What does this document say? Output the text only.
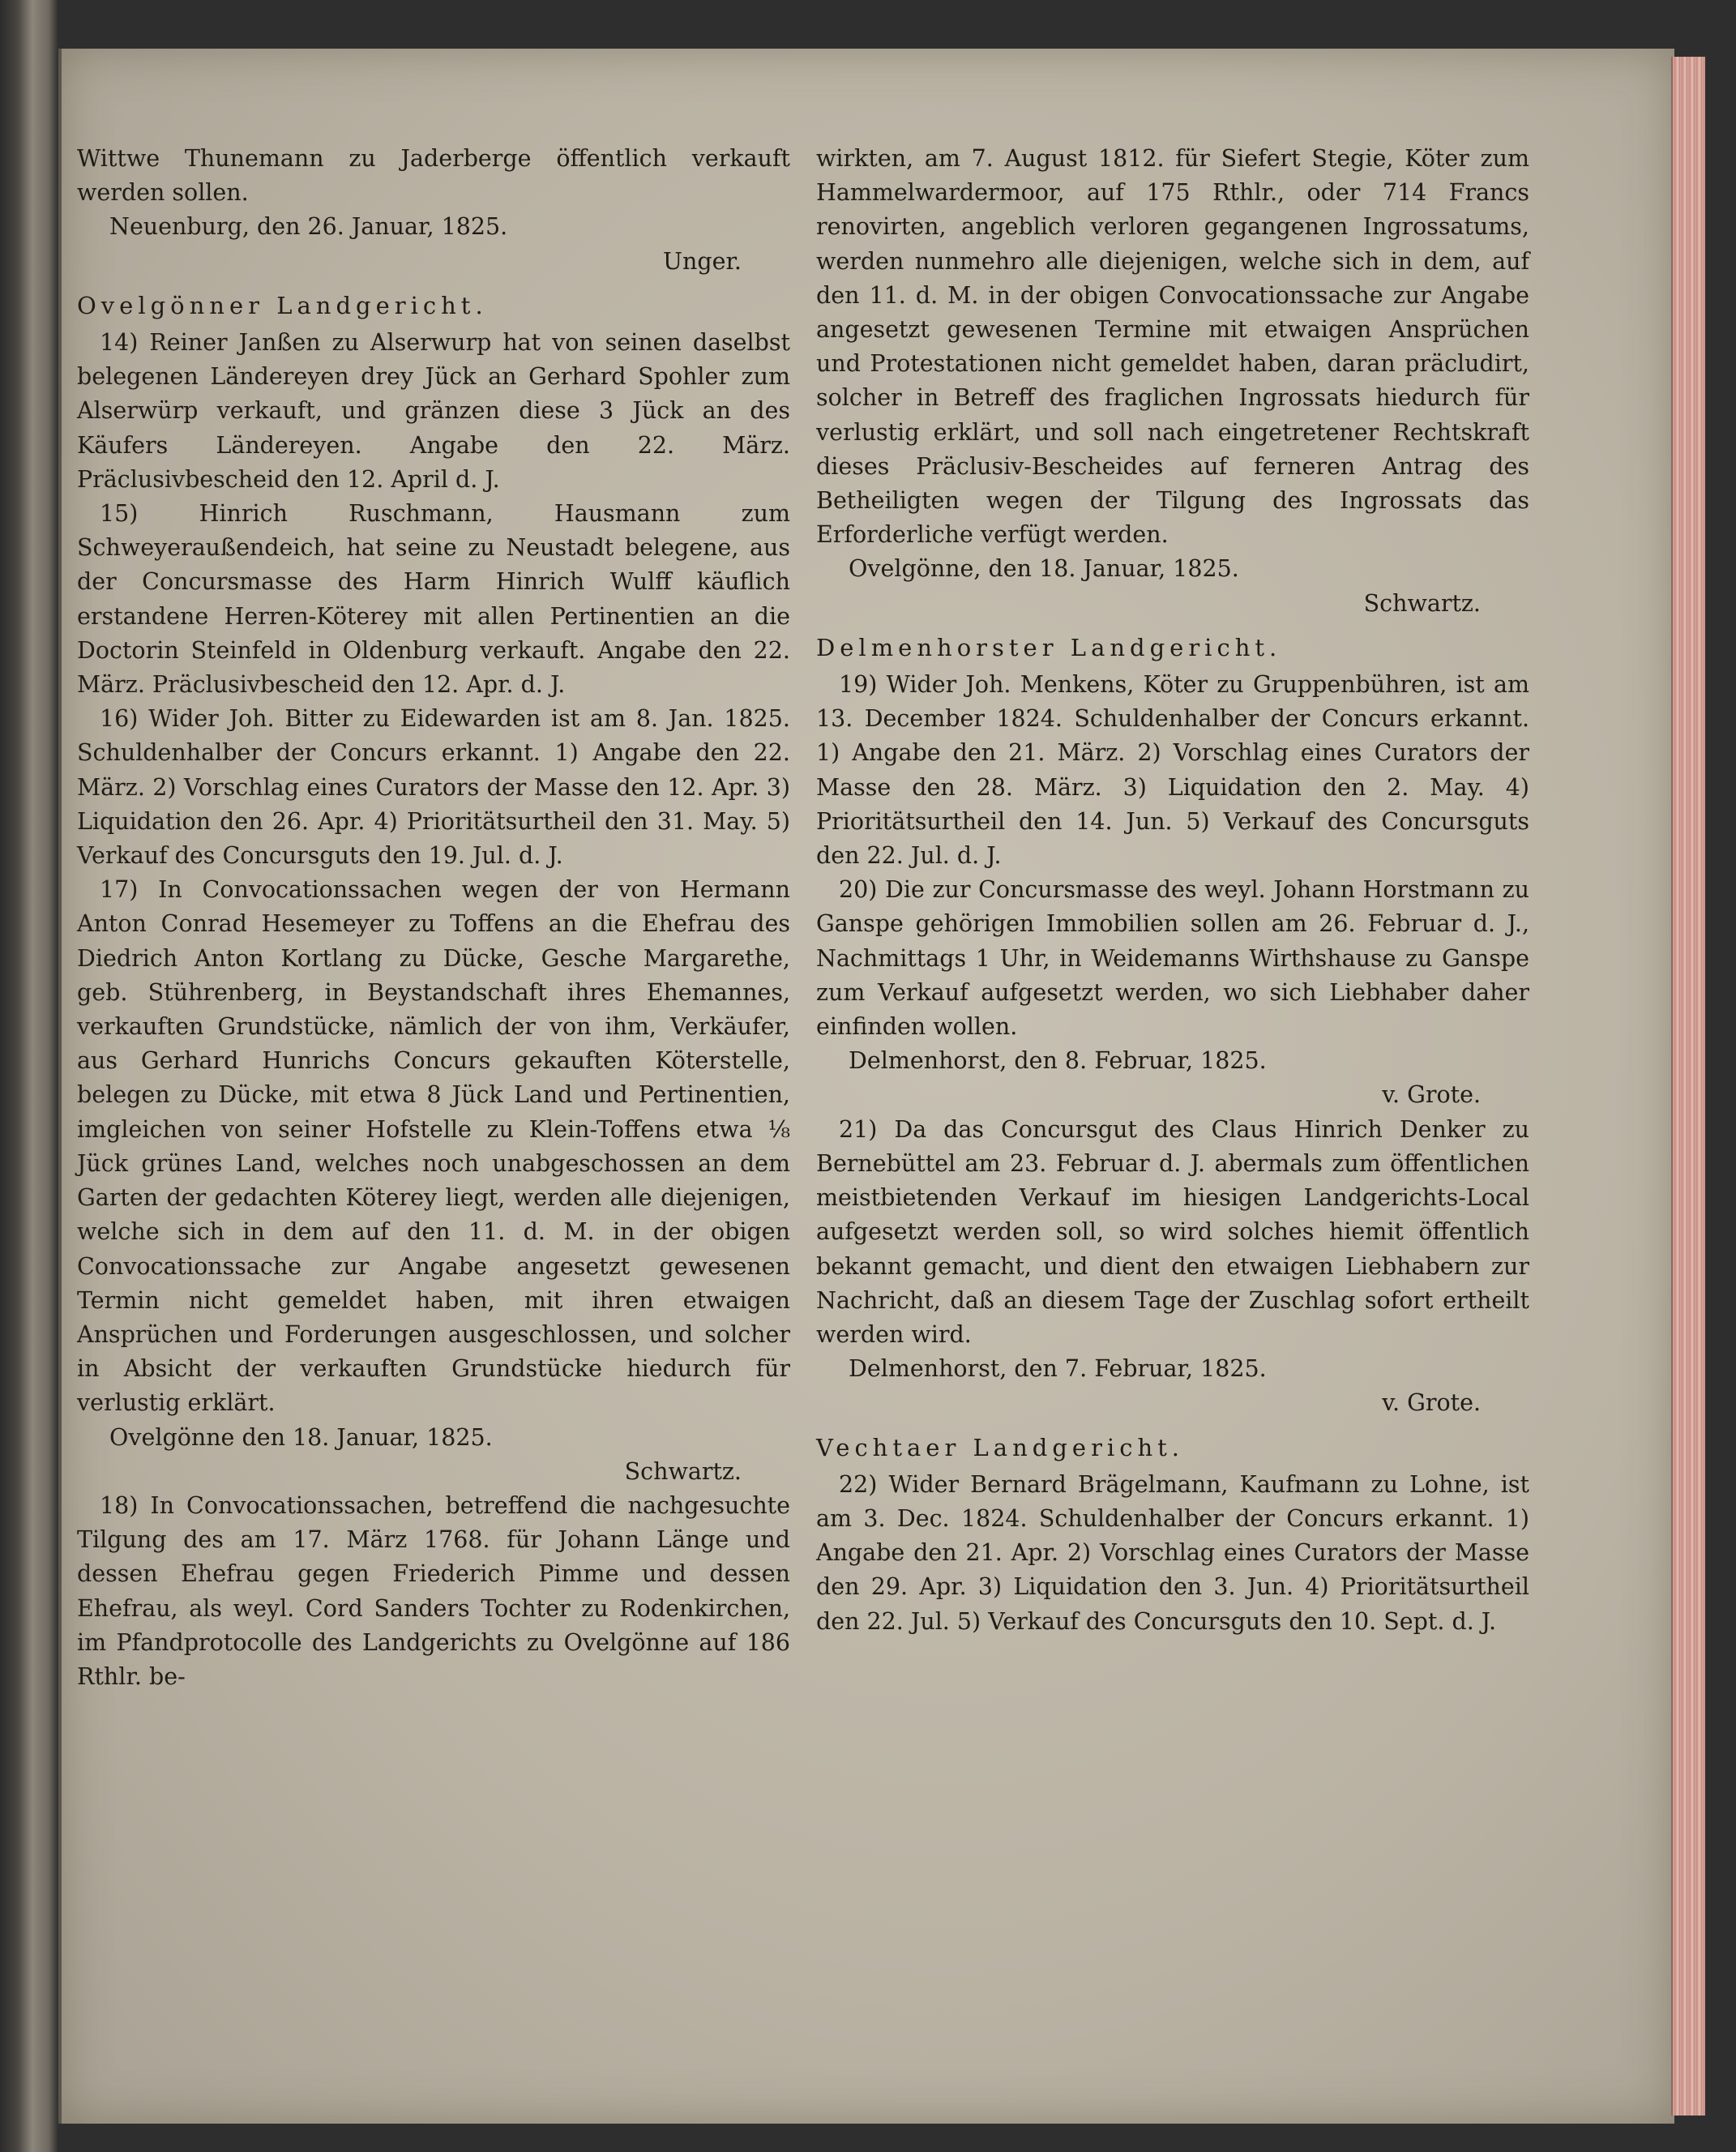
Wittwe Thunemann zu Jaderberge öffentlich verkauft werden sollen.

Neuenburg, den 26. Januar, 1825.

Unger.

Ovelgönner Landgericht.

14) Reiner Janßen zu Alserwurp hat von seinen daselbst belegenen Ländereyen drey Jück an Gerhard Spohler zum Alserwürp verkauft, und gränzen diese 3 Jück an des Käufers Ländereyen. Angabe den 22. März. Präclusivbescheid den 12. April d. J.

15) Hinrich Ruschmann, Hausmann zum Schweyeraußendeich, hat seine zu Neustadt belegene, aus der Concursmasse des Harm Hinrich Wulff käuflich erstandene Herren-Köterey mit allen Pertinentien an die Doctorin Steinfeld in Oldenburg verkauft. Angabe den 22. März. Präclusivbescheid den 12. Apr. d. J.

16) Wider Joh. Bitter zu Eidewarden ist am 8. Jan. 1825. Schuldenhalber der Concurs erkannt. 1) Angabe den 22. März. 2) Vorschlag eines Curators der Masse den 12. Apr. 3) Liquidation den 26. Apr. 4) Prioritätsurtheil den 31. May. 5) Verkauf des Concursguts den 19. Jul. d. J.

17) In Convocationssachen wegen der von Hermann Anton Conrad Hesemeyer zu Toffens an die Ehefrau des Diedrich Anton Kortlang zu Dücke, Gesche Margarethe, geb. Stührenberg, in Beystandschaft ihres Ehemannes, verkauften Grundstücke, nämlich der von ihm, Verkäufer, aus Gerhard Hunrichs Concurs gekauften Köterstelle, belegen zu Dücke, mit etwa 8 Jück Land und Pertinentien, imgleichen von seiner Hofstelle zu Klein-Toffens etwa ⅛ Jück grünes Land, welches noch unabgeschossen an dem Garten der gedachten Köterey liegt, werden alle diejenigen, welche sich in dem auf den 11. d. M. in der obigen Convocationssache zur Angabe angesetzt gewesenen Termin nicht gemeldet haben, mit ihren etwaigen Ansprüchen und Forderungen ausgeschlossen, und solcher in Absicht der verkauften Grundstücke hiedurch für verlustig erklärt.

Ovelgönne den 18. Januar, 1825.

Schwartz.

18) In Convocationssachen, betreffend die nachgesuchte Tilgung des am 17. März 1768. für Johann Länge und dessen Ehefrau gegen Friederich Pimme und dessen Ehefrau, als weyl. Cord Sanders Tochter zu Rodenkirchen, im Pfandprotocolle des Landgerichts zu Ovelgönne auf 186 Rthlr. be-

wirkten, am 7. August 1812. für Siefert Stegie, Köter zum Hammelwardermoor, auf 175 Rthlr., oder 714 Francs renovirten, angeblich verloren gegangenen Ingrossatums, werden nunmehro alle diejenigen, welche sich in dem, auf den 11. d. M. in der obigen Convocationssache zur Angabe angesetzt gewesenen Termine mit etwaigen Ansprüchen und Protestationen nicht gemeldet haben, daran präcludirt, solcher in Betreff des fraglichen Ingrossats hiedurch für verlustig erklärt, und soll nach eingetretener Rechtskraft dieses Präclusiv-Bescheides auf ferneren Antrag des Betheiligten wegen der Tilgung des Ingrossats das Erforderliche verfügt werden.

Ovelgönne, den 18. Januar, 1825.

Schwartz.

Delmenhorster Landgericht.

19) Wider Joh. Menkens, Köter zu Gruppenbühren, ist am 13. December 1824. Schuldenhalber der Concurs erkannt. 1) Angabe den 21. März. 2) Vorschlag eines Curators der Masse den 28. März. 3) Liquidation den 2. May. 4) Prioritätsurtheil den 14. Jun. 5) Verkauf des Concursguts den 22. Jul. d. J.

20) Die zur Concursmasse des weyl. Johann Horstmann zu Ganspe gehörigen Immobilien sollen am 26. Februar d. J., Nachmittags 1 Uhr, in Weidemanns Wirthshause zu Ganspe zum Verkauf aufgesetzt werden, wo sich Liebhaber daher einfinden wollen.

Delmenhorst, den 8. Februar, 1825.

v. Grote.

21) Da das Concursgut des Claus Hinrich Denker zu Bernebüttel am 23. Februar d. J. abermals zum öffentlichen meistbietenden Verkauf im hiesigen Landgerichts-Local aufgesetzt werden soll, so wird solches hiemit öffentlich bekannt gemacht, und dient den etwaigen Liebhabern zur Nachricht, daß an diesem Tage der Zuschlag sofort ertheilt werden wird.

Delmenhorst, den 7. Februar, 1825.

v. Grote.

Vechtaer Landgericht.

22) Wider Bernard Brägelmann, Kaufmann zu Lohne, ist am 3. Dec. 1824. Schuldenhalber der Concurs erkannt. 1) Angabe den 21. Apr. 2) Vorschlag eines Curators der Masse den 29. Apr. 3) Liquidation den 3. Jun. 4) Prioritätsurtheil den 22. Jul. 5) Verkauf des Concursguts den 10. Sept. d. J.
